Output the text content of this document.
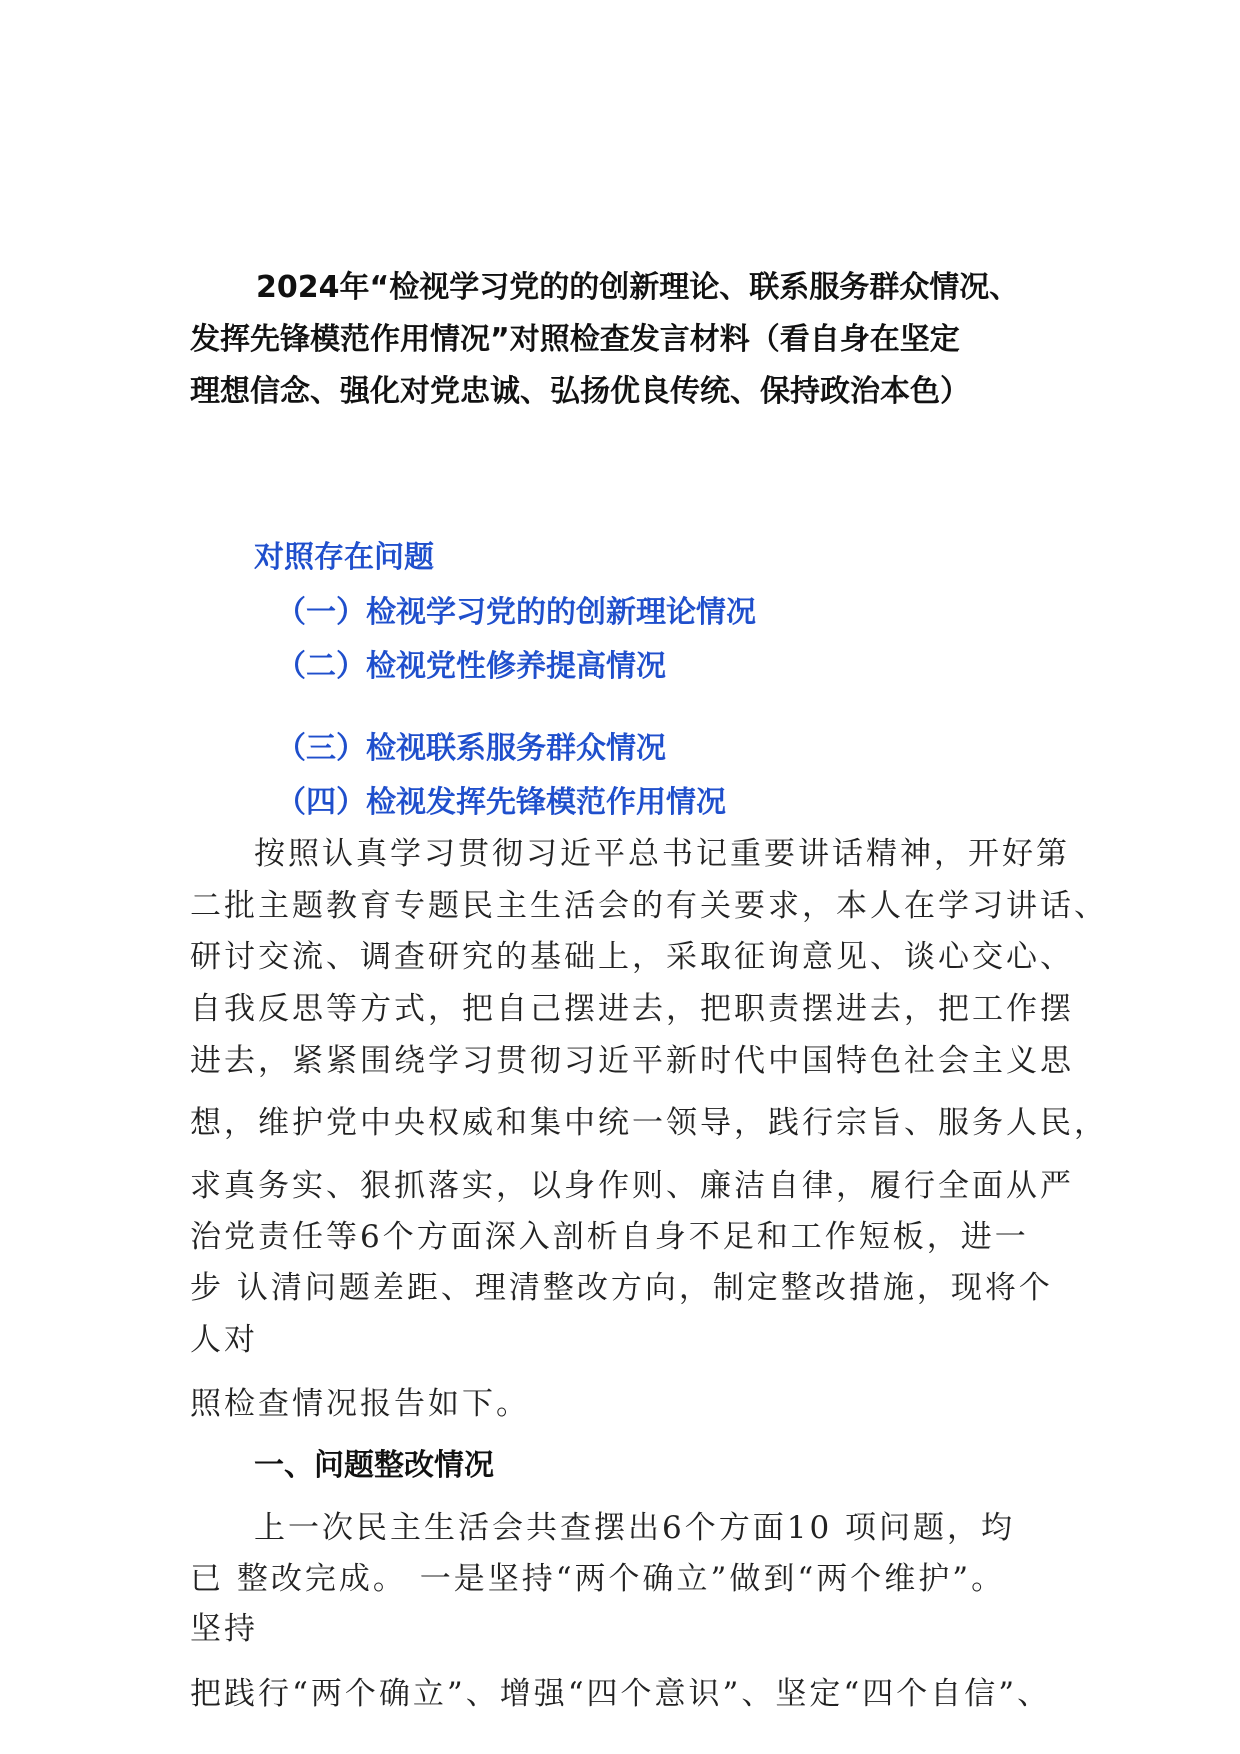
2024年“检视学习党的的创新理论、联系服务群众情况、
发挥先锋模范作用情况”对照检查发言材料（看自身在坚定
理想信念、强化对党忠诚、弘扬优良传统、保持政治本色）
对照存在问题
（一）检视学习党的的创新理论情况
（二）检视党性修养提高情况
（三）检视联系服务群众情况
（四）检视发挥先锋模范作用情况
按照认真学习贯彻习近平总书记重要讲话精神，开好第
二批主题教育专题民主生活会的有关要求，本人在学习讲话、
研讨交流、调查研究的基础上，采取征询意见、谈心交心、
自我反思等方式，把自己摆进去，把职责摆进去，把工作摆
进去，紧紧围绕学习贯彻习近平新时代中国特色社会主义思
想，维护党中央权威和集中统一领导，践行宗旨、服务人民，
求真务实、狠抓落实，以身作则、廉洁自律，履行全面从严
治党责任等6个方面深入剖析自身不足和工作短板，进一
步 认清问题差距、理清整改方向，制定整改措施，现将个
人对
照检查情况报告如下。
一、问题整改情况
上一次民主生活会共查摆出6个方面10 项问题，均
已 整改完成。 一是坚持“两个确立”做到“两个维护”。
坚持
把践行“两个确立”、增强“四个意识”、坚定“四个自信”、
